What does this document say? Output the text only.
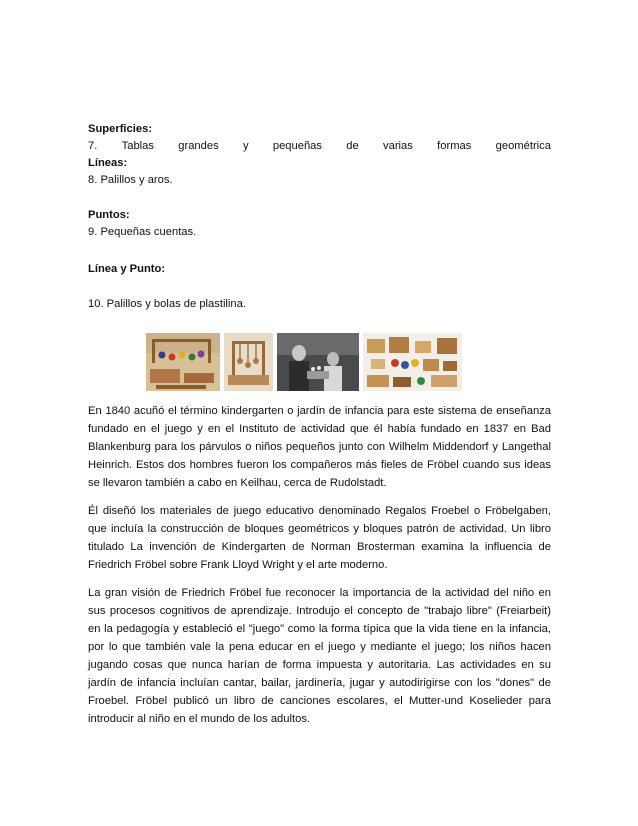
Superficies:
7. Tablas grandes y pequeñas de varias formas geométrica
Líneas:
8. Palillos y aros.
Puntos:
9. Pequeñas cuentas.
Línea y Punto:
10. Palillos y bolas de plastilina.
En 1840 acuñó el término kindergarten o jardín de infancia para este sistema de enseñanza fundado en el juego y en el Instituto de actividad que él había fundado en 1837 en Bad Blankenburg para los párvulos o niños pequeños junto con Wilhelm Middendorf y Langethal Heinrich. Estos dos hombres fueron los compañeros más fieles de Fröbel cuando sus ideas se llevaron también a cabo en Keilhau, cerca de Rudolstadt.
Él diseñó los materiales de juego educativo denominado Regalos Froebel o Fröbelgaben, que incluía la construcción de bloques geométricos y bloques patrón de actividad. Un libro titulado La invención de Kindergarten de Norman Brosterman examina la influencia de Friedrich Fröbel sobre Frank Lloyd Wright y el arte moderno.
La gran visión de Friedrich Fröbel fue reconocer la importancia de la actividad del niño en sus procesos cognitivos de aprendizaje. Introdujo el concepto de "trabajo libre" (Freiarbeit) en la pedagogía y estableció el "juego" como la forma típica que la vida tiene en la infancia, por lo que también vale la pena educar en el juego y mediante el juego; los niños hacen jugando cosas que nunca harían de forma impuesta y autoritaria. Las actividades en su jardín de infancia incluían cantar, bailar, jardinería, jugar y autodirigirse con los "dones" de Froebel. Fröbel publicó un libro de canciones escolares, el Mutter-und Koselieder para introducir al niño en el mundo de los adultos.
